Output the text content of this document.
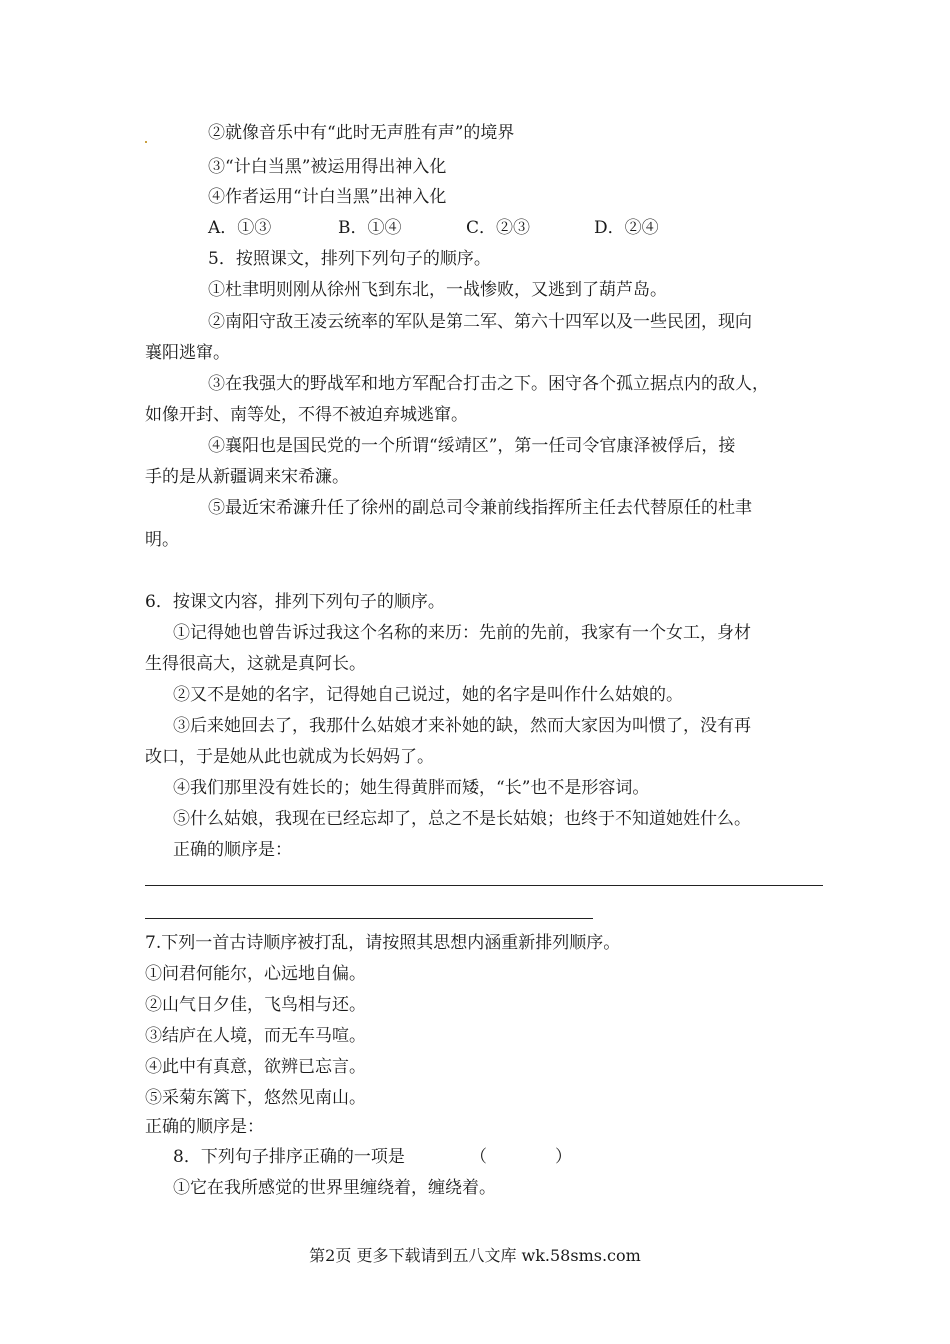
②就像音乐中有“此时无声胜有声”的境界
③“计白当黑”被运用得出神入化
④作者运用“计白当黑”出神入化
A．①③	B．①④	C．②③	D．②④
5．按照课文，排列下列句子的顺序。
①杜聿明则刚从徐州飞到东北，一战惨败，又逃到了葫芦岛。
②南阳守敌王凌云统率的军队是第二军、第六十四军以及一些民团，现向
襄阳逃窜。
③在我强大的野战军和地方军配合打击之下。困守各个孤立据点内的敌人，
如像开封、南等处，不得不被迫弃城逃窜。
④襄阳也是国民党的一个所谓“绥靖区”，第一任司令官康泽被俘后，接
手的是从新疆调来宋希濂。
⑤最近宋希濂升任了徐州的副总司令兼前线指挥所主任去代替原任的杜聿
明。
6．按课文内容，排列下列句子的顺序。
①记得她也曾告诉过我这个名称的来历：先前的先前，我家有一个女工，身材
生得很高大，这就是真阿长。
②又不是她的名字，记得她自己说过，她的名字是叫作什么姑娘的。
③后来她回去了，我那什么姑娘才来补她的缺，然而大家因为叫惯了，没有再
改口，于是她从此也就成为长妈妈了。
④我们那里没有姓长的；她生得黄胖而矮，“长”也不是形容词。
⑤什么姑娘，我现在已经忘却了，总之不是长姑娘；也终于不知道她姓什么。
正确的顺序是：
7.下列一首古诗顺序被打乱，请按照其思想内涵重新排列顺序。
①问君何能尔，心远地自偏。
②山气日夕佳，飞鸟相与还。
③结庐在人境，而无车马喧。
④此中有真意，欲辨已忘言。
⑤采菊东篱下，悠然见南山。
正确的顺序是：
8．下列句子排序正确的一项是	（　　　　）
①它在我所感觉的世界里缠绕着，缠绕着。
第2页 更多下载请到五八文库 wk.58sms.com
